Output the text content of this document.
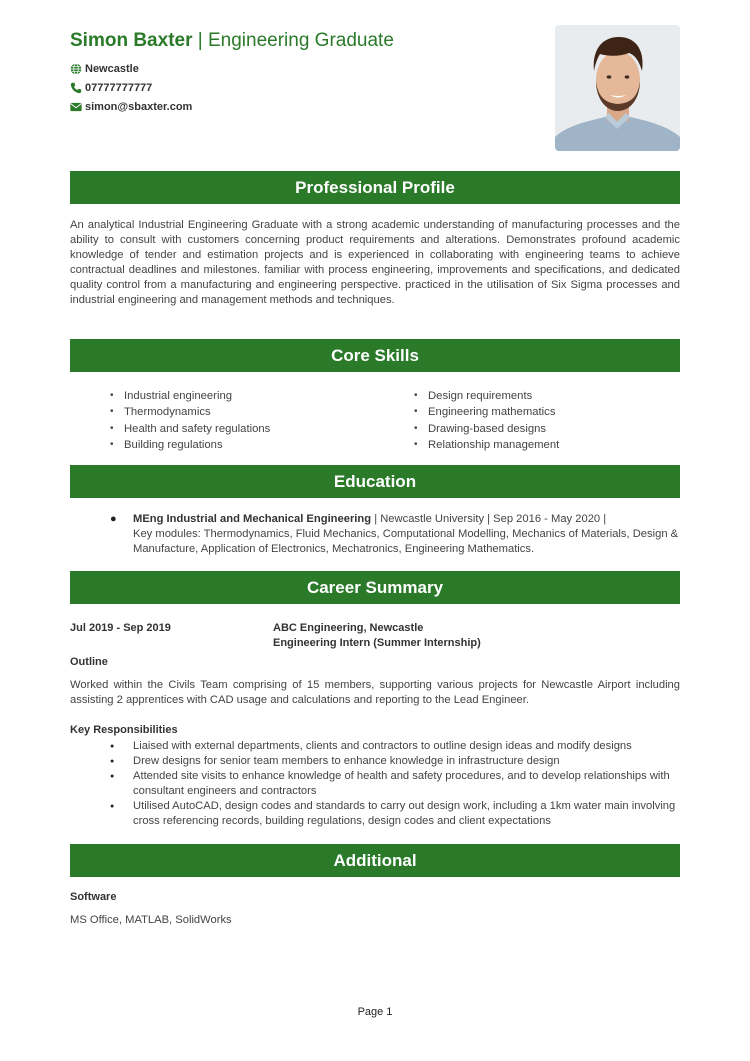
Simon Baxter | Engineering Graduate
Newcastle
07777777777
simon@sbaxter.com
Professional Profile
An analytical Industrial Engineering Graduate with a strong academic understanding of manufacturing processes and the ability to consult with customers concerning product requirements and alterations. Demonstrates profound academic knowledge of tender and estimation projects and is experienced in collaborating with engineering teams to achieve contractual deadlines and milestones. familiar with process engineering, improvements and specifications, and dedicated quality control from a manufacturing and engineering perspective. practiced in the utilisation of Six Sigma processes and industrial engineering and management methods and techniques.
Core Skills
• Industrial engineering
• Thermodynamics
• Health and safety regulations
• Building regulations
• Design requirements
• Engineering mathematics
• Drawing-based designs
• Relationship management
Education
● MEng Industrial and Mechanical Engineering | Newcastle University | Sep 2016 - May 2020 |
Key modules: Thermodynamics, Fluid Mechanics, Computational Modelling, Mechanics of Materials, Design & Manufacture, Application of Electronics, Mechatronics, Engineering Mathematics.
Career Summary
Jul 2019 - Sep 2019	ABC Engineering, Newcastle
Engineering Intern (Summer Internship)
Outline
Worked within the Civils Team comprising of 15 members, supporting various projects for Newcastle Airport including assisting 2 apprentices with CAD usage and calculations and reporting to the Lead Engineer.
Key Responsibilities
● Liaised with external departments, clients and contractors to outline design ideas and modify designs
● Drew designs for senior team members to enhance knowledge in infrastructure design
● Attended site visits to enhance knowledge of health and safety procedures, and to develop relationships with consultant engineers and contractors
● Utilised AutoCAD, design codes and standards to carry out design work, including a 1km water main involving cross referencing records, building regulations, design codes and client expectations
Additional
Software
MS Office, MATLAB, SolidWorks
Page 1
